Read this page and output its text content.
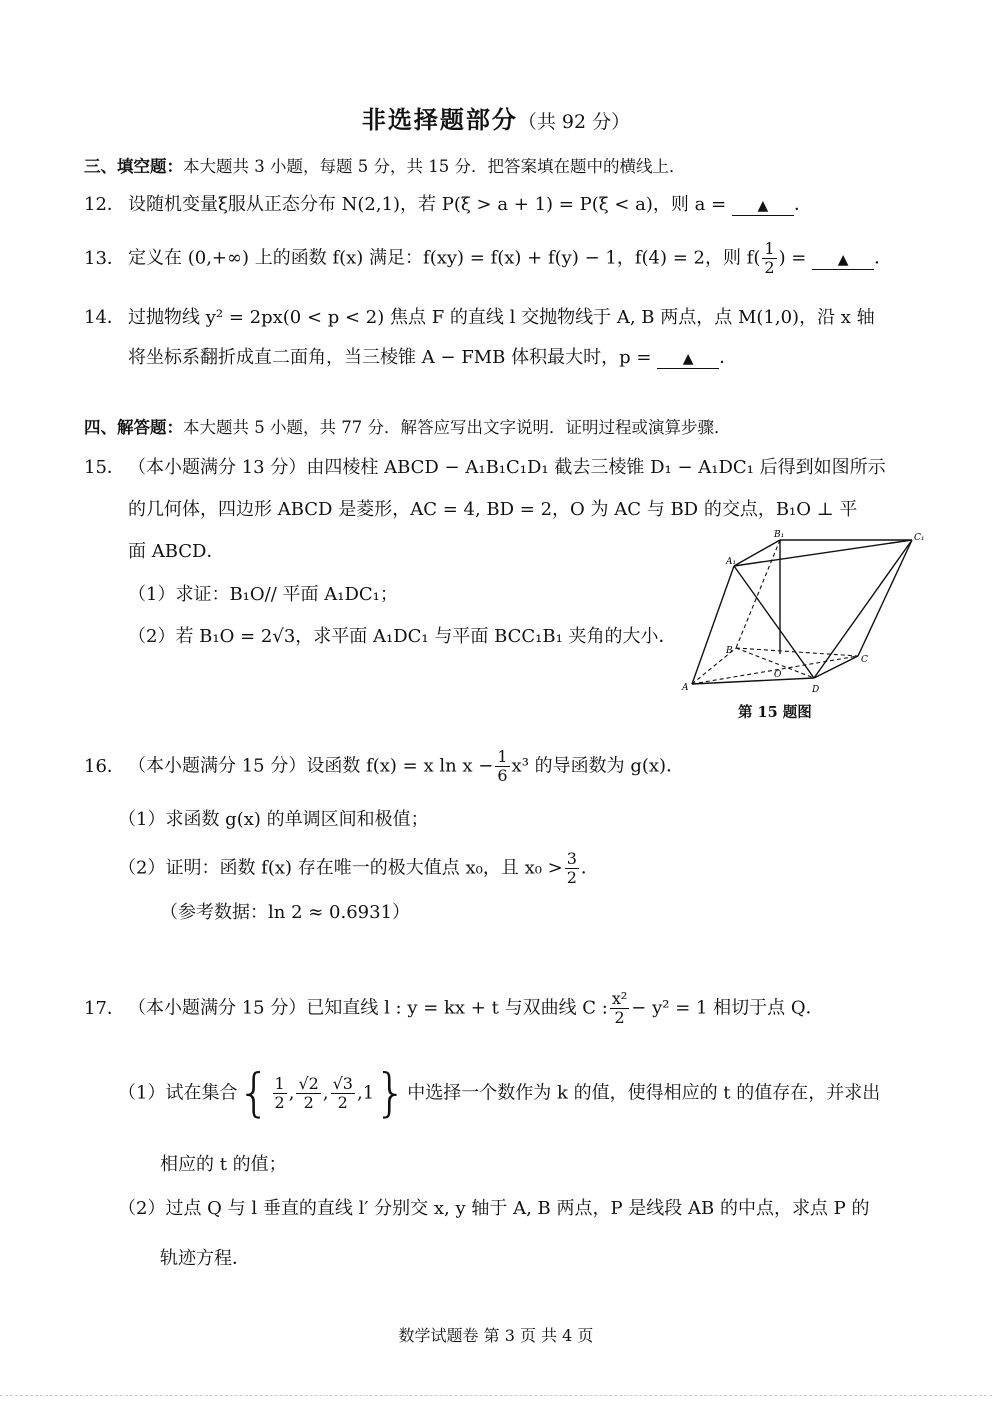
非选择题部分（共 92 分）
三、填空题：本大题共 3 小题，每题 5 分，共 15 分．把答案填在题中的横线上．
12． 设随机变量ξ服从正态分布 N(2,1)，若 P(ξ > a + 1) = P(ξ < a)，则 a = ▲ ．
13． 定义在 (0,+∞) 上的函数 f(x) 满足：f(xy) = f(x) + f(y) − 1，f(4) = 2，则 $f( \frac{1}{2}$ ) = ▲ ．
14． 过抛物线 y² = 2px(0 < p < 2) 焦点 F 的直线 l 交抛物线于 A, B 两点，点 M(1,0)，沿 x 轴
将坐标系翻折成直二面角，当三棱锥 A − FMB 体积最大时，p = ▲ ．
四、解答题：本大题共 5 小题，共 77 分．解答应写出文字说明．证明过程或演算步骤．
15． （本小题满分 13 分）由四棱柱 ABCD − A₁B₁C₁D₁ 截去三棱锥 D₁ − A₁DC₁ 后得到如图所示
的几何体，四边形 ABCD 是菱形，AC = 4, BD = 2，O 为 AC 与 BD 的交点，B₁O ⊥ 平
面 ABCD．
（1）求证：B₁O// 平面 A₁DC₁；
（2）若 B₁O = 2√3，求平面 A₁DC₁ 与平面 BCC₁B₁ 夹角的大小．
A₁
B₁	C₁
A
B
C
D
O
第 15 题图
16． （本小题满分 15 分）设函数 f(x) = x $\ln x - \frac{1}{6} x^3$ 的导函数为 g(x)．
（1）求函数 g(x) 的单调区间和极值；
（2）证明：函数 f(x) 存在唯一的极大值点 x₀，且 $x_0 > \frac{3}{2}$ ．
（参考数据：ln 2 ≈ 0.6931）
17． （本小题满分 15 分）已知直线 l : y = kx + t 与双曲线 C : $\frac{\text{x²}}{2} - y^2 = 1$ 相切于点 Q．
（1）试在集合{ $\frac{1}{2}$ , $\frac{√2}{2}$ , $\frac{√3}{2} ,1$}中选择一个数作为 k 的值，使得相应的 t 的值存在，并求出
相应的 t 的值；
（2）过点 Q 与 l 垂直的直线 l′ 分别交 x, y 轴于 A, B 两点，P 是线段 AB 的中点，求点 P 的
轨迹方程．
数学试题卷 第 3 页 共 4 页
